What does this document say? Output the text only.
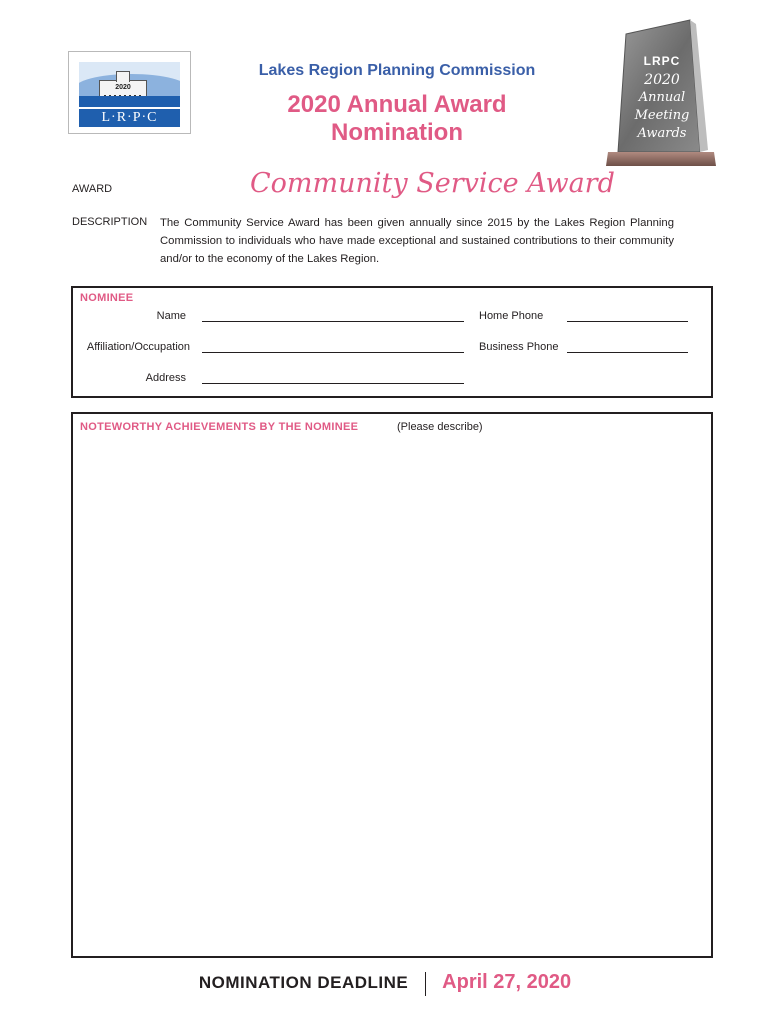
2020
L·R·P·C
Lakes Region Planning Commission
2020 Annual Award Nomination
LRPC
2020
Annual
Meeting
Awards
AWARD	Community Service Award
DESCRIPTION The Community Service Award has been given annually since 2015 by the Lakes Region Planning Commission to individuals who have made exceptional and sustained contributions to their community and/or to the economy of the Lakes Region.
NOMINEE
Name
Affiliation/Occupation
Address
Home Phone
Business Phone
NOTEWORTHY ACHIEVEMENTS BY THE NOMINEE	(Please describe)
NOMINATION DEADLINE April 27, 2020
